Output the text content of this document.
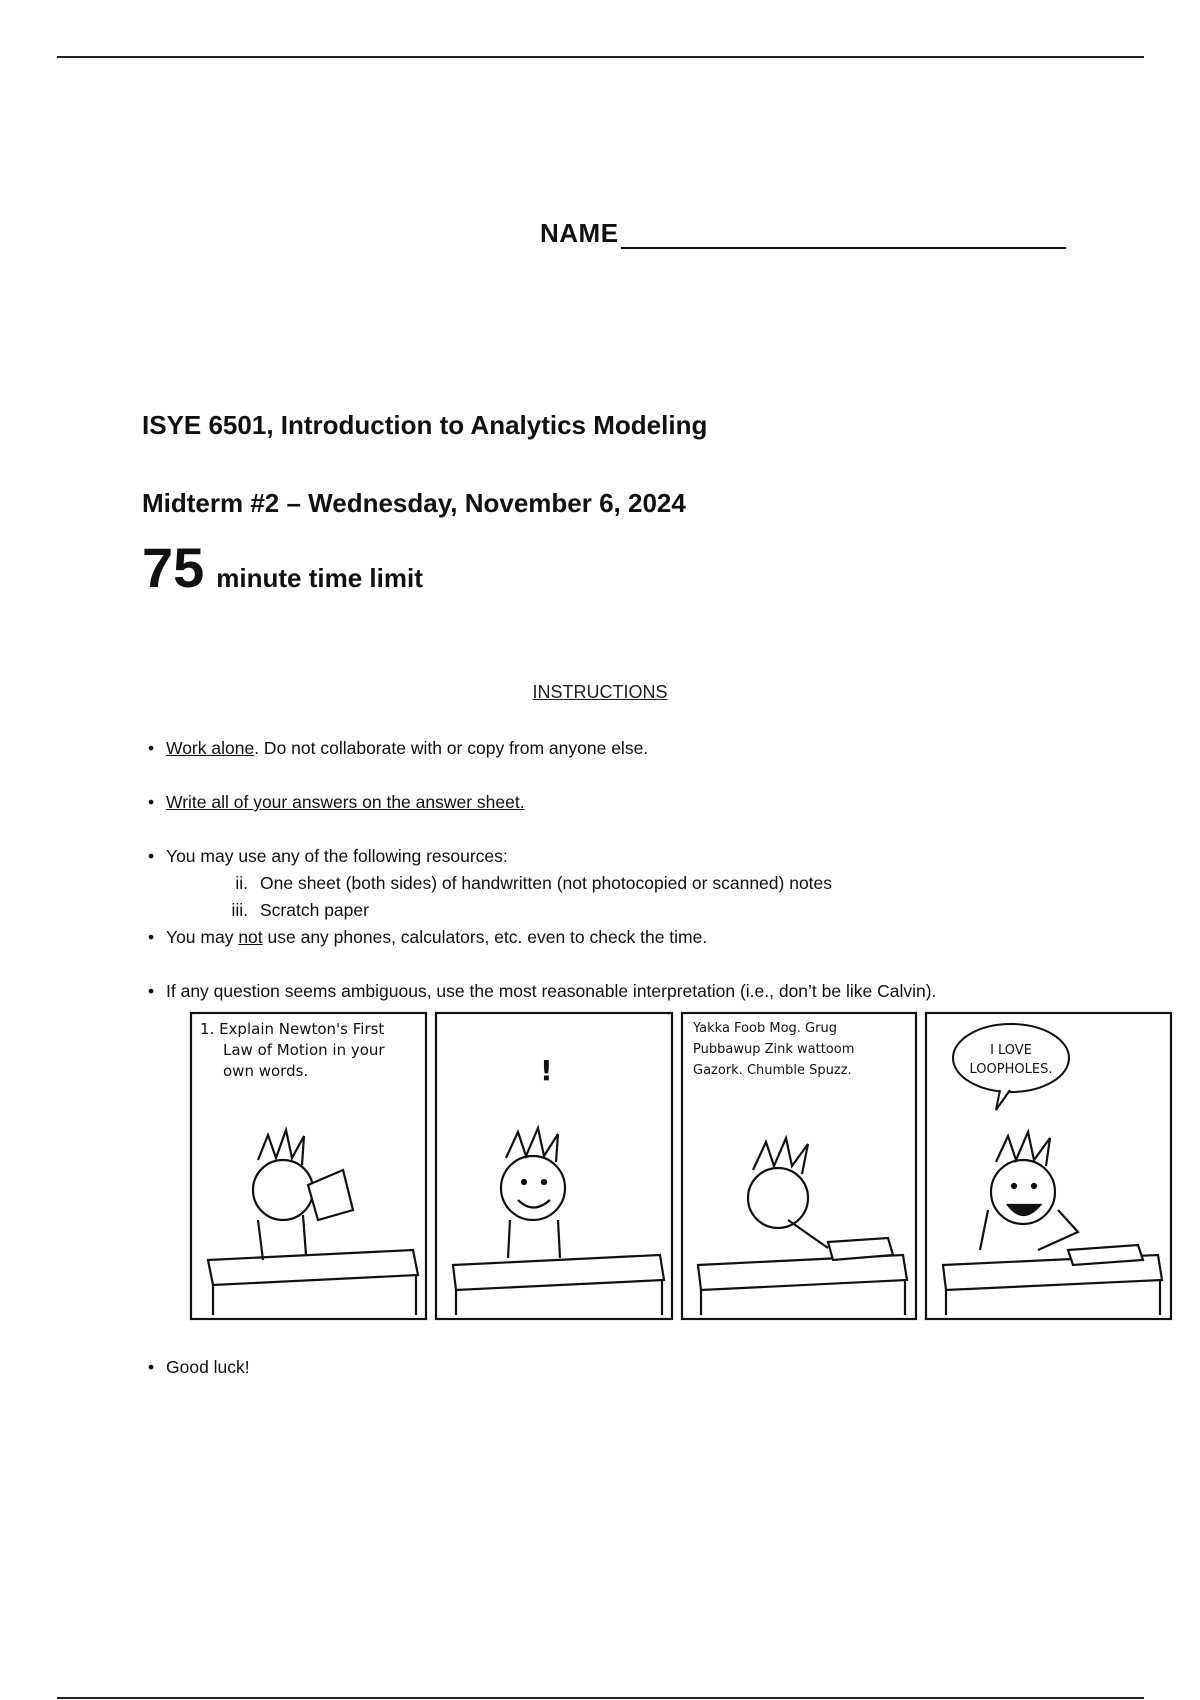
NAME
ISYE 6501, Introduction to Analytics Modeling
Midterm #2 – Wednesday, November 6, 2024
75 minute time limit
INSTRUCTIONS
• Work alone. Do not collaborate with or copy from anyone else.
• Write all of your answers on the answer sheet.
• You may use any of the following resources:
ii. One sheet (both sides) of handwritten (not photocopied or scanned) notes
iii. Scratch paper
• You may not use any phones, calculators, etc. even to check the time.
• If any question seems ambiguous, use the most reasonable interpretation (i.e., don’t be like Calvin).
• Good luck!
1. Explain Newton's First
Law of Motion in your
own words.	!
Yakka Foob Mog. Grug
Pubbawup Zink wattoom
Gazork. Chumble Spuzz.
I LOVE
LOOPHOLES.
